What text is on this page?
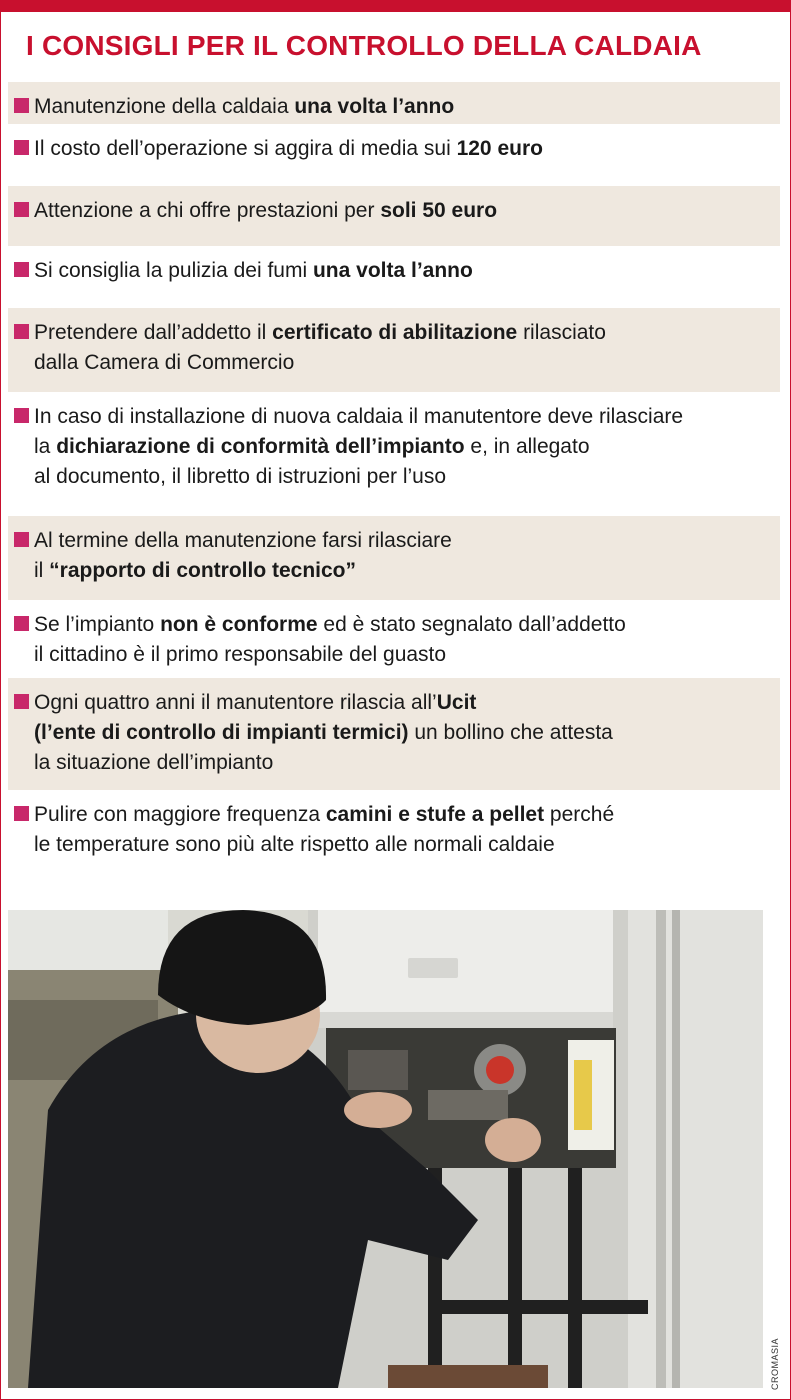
I CONSIGLI PER IL CONTROLLO DELLA CALDAIA
Manutenzione della caldaia una volta l’anno
Il costo dell’operazione si aggira di media sui 120 euro
Attenzione a chi offre prestazioni per soli 50 euro
Si consiglia la pulizia dei fumi una volta l’anno
Pretendere dall’addetto il certificato di abilitazione rilasciato
dalla Camera di Commercio
In caso di installazione di nuova caldaia il manutentore deve rilasciare
la dichiarazione di conformità dell’impianto e, in allegato
al documento, il libretto di istruzioni per l’uso
Al termine della manutenzione farsi rilasciare
il “rapporto di controllo tecnico”
Se l’impianto non è conforme ed è stato segnalato dall’addetto
il cittadino è il primo responsabile del guasto
Ogni quattro anni il manutentore rilascia all’Ucit
(l’ente di controllo di impianti termici) un bollino che attesta
la situazione dell’impianto
Pulire con maggiore frequenza camini e stufe a pellet perché
le temperature sono più alte rispetto alle normali caldaie
CROMASIA
